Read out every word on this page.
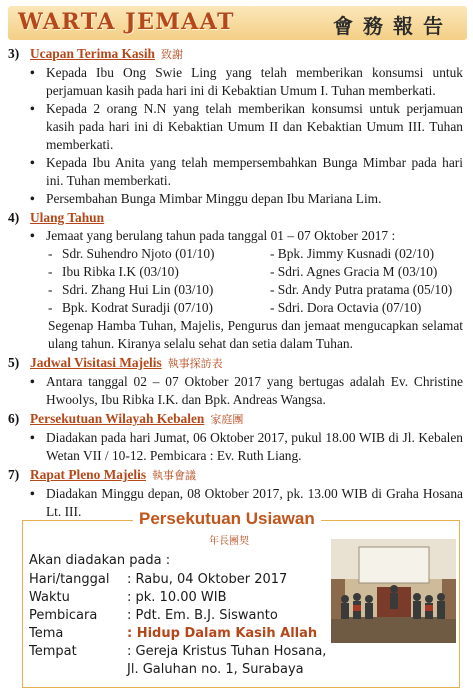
WARTA JEMAAT	會務報告
3) Ucapan Terima Kasih 致謝
• Kepada Ibu Ong Swie Ling yang telah memberikan konsumsi untuk perjamuan kasih pada hari ini di Kebaktian Umum I. Tuhan memberkati.
• Kepada 2 orang N.N yang telah memberikan konsumsi untuk perjamuan kasih pada hari ini di Kebaktian Umum II dan Kebaktian Umum III. Tuhan memberkati.
• Kepada Ibu Anita yang telah mempersembahkan Bunga Mimbar pada hari ini. Tuhan memberkati.
• Persembahan Bunga Mimbar Minggu depan Ibu Mariana Lim.
4) Ulang Tahun
• Jemaat yang berulang tahun pada tanggal 01 – 07 Oktober 2017 :
- Sdr. Suhendro Njoto (01/10)	- Bpk. Jimmy Kusnadi (02/10)
- Ibu Ribka I.K (03/10)	- Sdri. Agnes Gracia M (03/10)
- Sdri. Zhang Hui Lin (03/10)	- Sdr. Andy Putra pratama (05/10)
- Bpk. Kodrat Suradji (07/10)	- Sdri. Dora Octavia (07/10)
Segenap Hamba Tuhan, Majelis, Pengurus dan jemaat mengucapkan selamat ulang tahun. Kiranya selalu sehat dan setia dalam Tuhan.
5) Jadwal Visitasi Majelis 執事探訪表
• Antara tanggal 02 – 07 Oktober 2017 yang bertugas adalah Ev. Christine Hwoolys, Ibu Ribka I.K. dan Bpk. Andreas Wangsa.
6) Persekutuan Wilayah Kebalen 家庭團
• Diadakan pada hari Jumat, 06 Oktober 2017, pukul 18.00 WIB di Jl. Kebalen Wetan VII / 10-12. Pembicara : Ev. Ruth Liang.
7) Rapat Pleno Majelis 執事會議
• Diadakan Minggu depan, 08 Oktober 2017, pk. 13.00 WIB di Graha Hosana Lt. III.	Persekutuan Usiawan
年長團契
Akan diadakan pada :
Hari/tanggal	: Rabu, 04 Oktober 2017
Waktu	: pk. 10.00 WIB
Pembicara	: Pdt. Em. B.J. Siswanto
Tema	: Hidup Dalam Kasih Allah
Tempat	: Gereja Kristus Tuhan Hosana,
Jl. Galuhan no. 1, Surabaya
